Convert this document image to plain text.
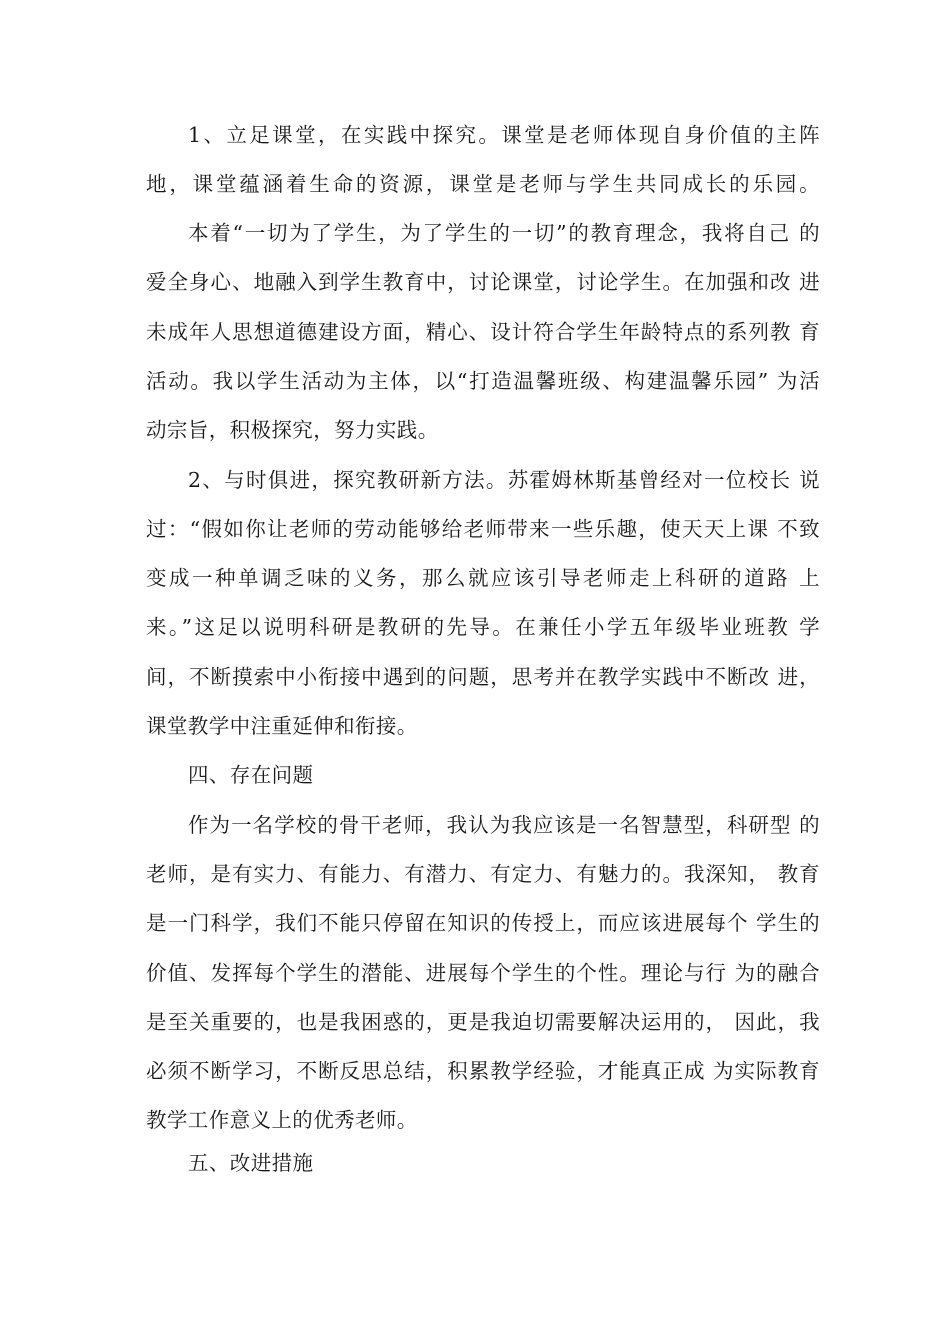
1、立足课堂，在实践中探究。课堂是老师体现自身价值的主阵
地，课堂蕴涵着生命的资源，课堂是老师与学生共同成长的乐园。
本着“一切为了学生，为了学生的一切”的教育理念，我将自己 的
爱全身心、地融入到学生教育中，讨论课堂，讨论学生。在加强和改 进
未成年人思想道德建设方面，精心、设计符合学生年龄特点的系列教 育
活动。我以学生活动为主体，以“打造温馨班级、构建温馨乐园” 为活
动宗旨，积极探究，努力实践。
2、与时俱进，探究教研新方法。苏霍姆林斯基曾经对一位校长 说
过：“假如你让老师的劳动能够给老师带来一些乐趣，使天天上课 不致
变成一种单调乏味的义务，那么就应该引导老师走上科研的道路 上
来。”这足以说明科研是教研的先导。在兼任小学五年级毕业班教 学
间，不断摸索中小衔接中遇到的问题，思考并在教学实践中不断改 进，
课堂教学中注重延伸和衔接。
四、存在问题
作为一名学校的骨干老师，我认为我应该是一名智慧型，科研型 的
老师，是有实力、有能力、有潜力、有定力、有魅力的。我深知， 教育
是一门科学，我们不能只停留在知识的传授上，而应该进展每个 学生的
价值、发挥每个学生的潜能、进展每个学生的个性。理论与行 为的融合
是至关重要的，也是我困惑的，更是我迫切需要解决运用的， 因此，我
必须不断学习，不断反思总结，积累教学经验，才能真正成 为实际教育
教学工作意义上的优秀老师。
五、改进措施
